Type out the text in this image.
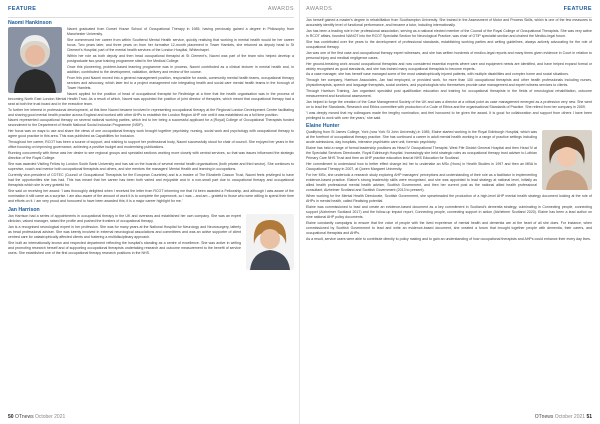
FEATURE	AWARDS
Naomi Hankinson

Naomi graduated from Dorset House School of Occupational Therapy in 1985, having previously gained a degree in Philosophy from Manchester University.

She commenced her career from within Southend Mental Health service, quickly realising that working in mental health would be her career focus. Two years later, and three years on from her formative 12-month placement in Tower Hamlets, she returned as deputy head to St Clement's Hospital, part of the mental health services of the London Hospital, Whitechapel.

Within her role as both deputy and then head occupational therapist at St Clement's, Naomi was part of the team who helped develop a postgraduate two-year training programme sited in the Medical College.

Once this pioneering, problem-based learning programme was in process, Naomi contributed as a clinical lecturer in mental health and, in addition, contributed to the development, validation, delivery and review of the course.

From this post Naomi moved into a general management position, responsible for wards, community mental health teams, occupational therapy services and advocacy, which later led to a project management role integrating health and social care mental health teams in the borough of Tower Hamlets.

Naomi applied for the position of head of occupational therapist for Redbridge at a time that the health organisation was in the process of becoming North East London Mental Health Trust. As a result of which, Naomi was appointed the position of joint director of therapies, which meant that occupational therapy had a seat at both the trust board and in the executive team.

To further her interest in professional development, at this time Naomi became involved in representing occupational therapy at the Regional London Development Centre facilitating and sharing good mental health practice across England and worked with other AHPs to establish the London Region AHP role until it was established as a full time position.

Naomi represented occupational therapy on several national working parties, which led to her being a successful applicant for a [Royal] College of Occupational Therapists funded secondment to the Department of Health National Social Inclusion Programme (NSIP).

Her focus was on ways to use and share the views of one occupational therapy work brought together psychiatry, nursing, social work and psychology with occupational therapy to agree good practice in this area. This was published as Capabilities for Inclusion.

Throughout her career, RCOT has been a source of support, and wishing to support her professional body, Naomi successfully stood for chair of council. She enjoyed her years in the office focusing on improving governance, achieving a positive budget and modernising publications.

Running concurrently with these was her desire to see regional groups and specialist sections working more closely with central services, so that was issues influenced the strategic direction of the Royal College.

She was awarded Visiting Fellow by London South Bank University and has sat on the boards of several mental health organisations (both private and third sector). She continues to supervise, coach and mentor both occupational therapists and others, and she mentors the managers' Mental Health and learning in occupations.

Currently vice-president of COTEC (Council of Occupational Therapists for the European Countries) and is a trustee of The Elizabeth Casson Trust, Naomi feels privileged to have had the opportunities she has had. This has meant that her career has been both varied and enjoyable and in a non-small part due to occupational therapy and occupational therapists which she is very grateful for.

She said on receiving her award: 'I was thoroughly delighted when I received the letter from RCOT informing me that I'd been awarded a Fellowship, and although I was aware of the nomination it still came as a surprise. I am also aware of the amount of work it is to complete the paperwork, so I was – and am – grateful to those who were willing to spend their time and efforts on it. I am very proud and honoured to have been awarded this; it is a major career highlight for me.'

Jan Harrison

Jan Harrison had a series of appointments in occupational therapy in the UK and overseas and established her own company. She was an expert clinician, valued manager, raised the profile and pushed the frontiers of occupational therapy.

Jan is a recognised neurological expert in her profession. She was for many years at the National Hospital for Neurology and Neurosurgery, latterly as head professional adviser. She was keenly involved in external neurological associations and committees and was an active supporter of client centred care for catastrophically affected clients and fostering a multidisciplinary approach.

She built an internationally known and respected department reflecting the hospital's standing as a centre of excellence. She was active in writing and promoting research herself and of supporting occupational therapists undertaking research and outcome measurement to the benefit of service users. She established one of the first occupational therapy research positions in the NHS.

50 OTnews October 2021
AWARDS	FEATURE

Jan herself gained a master's degree in rehabilitation from Southampton University. She trained in the Assessment of Motor and Process Skills, which is one of the few measures to accurately identify level of functional performance, and became a tutor, including internationally.

Jan has been a leading role in her professional association, serving as a national elected member of the Council of the Royal College of Occupational Therapists. She was very active in RCOT affairs, founded NANOT into the RCOT Specialist Section for Neurological Practice, was chair of OTIP specialist section and chaired the Medico-legal forum.

She has contributed over the years to the development of professional standards, establishing working parties and writing guidelines, always actively advocating for the role of occupational therapy.

Jan was one of the first case and occupational therapy expert witnesses, and she has written hundreds of medico-legal reports and many times given evidence in Court in relation to personal injury and medical negligence cases.

Her ground-breaking work around occupational therapists and now considered essential experts where care and equipment needs are identified, and have helped expand formal or widely recognised as good standards, and she has trained many occupational therapists to become experts.

As a case manager, she has herself case managed some of the most catastrophically injured patients, with multiple disabilities and complex home and social situations.

Through her company, Harrison Associates, Jan had employed, or provided work, for more than 100 occupational therapists and other health professionals including nurses, physiotherapists, speech and language therapists, social workers, and psychologists who themselves provide case management and expert witness services to clients.

Through Harrison Training, Jan organised specialist post qualification education and training for occupational therapists in the fields of neurological rehabilitation, outcome measurement and functional assessment.

Jan helped to forge the creation of the Case Management Society of the UK and was a director at a critical point as case management emerged as a profession very new. She went on to lead the Standards, Research and Ethics committee with production of a Code of Ethics and the organisational Standards of Practice. She retired from her company in 2009.

'I was deeply moved that my colleagues made the lengthy nomination, and feel honoured to be given the award. It is good for collaboration and support from others I have been privileged to work with over the years,' she said.

Elaine Hunter

Qualifying from St James College, York (now York St John University) in 1985, Elaine started working in the Royal Edinburgh Hospital, which was at the forefront of occupational therapy practice. She has continued a career in adult mental health working in a range of practice settings including acute admissions, day hospitals, intensive psychiatric care unit, forensic psychiatry.

Elaine has held a range of formal leadership positions as Head IV Occupational Therapist, West Fife District General Hospital and then Head IV at the Specialist Services Directorate, Royal Edinburgh Hospital. Increasingly she held strategic roles as occupational therapy trust adviser to Lothian Primary Care NHS Trust and then an AHP practice education lead at NHS Education for Scotland.

Her commitment to understand how to better effect change led her to undertake an MSc (Hons) in Health Studies in 1997 and then an MBA in Occupational Therapy in 2007, at Queen Margaret University.

For her MSc, she undertook a research study exploring AHP managers' perceptions and understanding of their role as a facilitator in implementing evidence-based practice. Elaine's strong leadership skills were recognised, and she was appointed to lead strategy at national level, initially as allied health professional mental health adviser, Scottish Government, and then her current post as the national allied health professional consultant, Alzheimer Scotland and Scottish Government (2013 to present).

When working for the Mental Health Directorate, Scottish Government, she spearheaded the production of a high-level AHP mental health strategy document looking at the role of AHPs in mental health, called Realising potential.

Elaine was commissioned to lead and create an evidence-based document as a key commitment in Scotland's dementia strategy, culminating in Connecting people, connecting support (Alzheimer Scotland 2017) and the follow-up impact report, Connecting people, connecting support in action (Alzheimer Scotland 2020). Elaine has been a lead author on nine national AHP policy documents.

Elaine constantly campaigns to ensure that the voice of people with the lived experience of mental health and dementia are at the heart of all she does. For instance, when commissioned by Scottish Government to lead and write an evidence-based document, she created a forum that brought together people with dementia, their carers, and occupational therapists and AHPs.

As a result, service users were able to contribute directly to policy making and to gain an understanding of how occupational therapists and AHPs could enhance their every day lives.

OTnews October 2021 51
